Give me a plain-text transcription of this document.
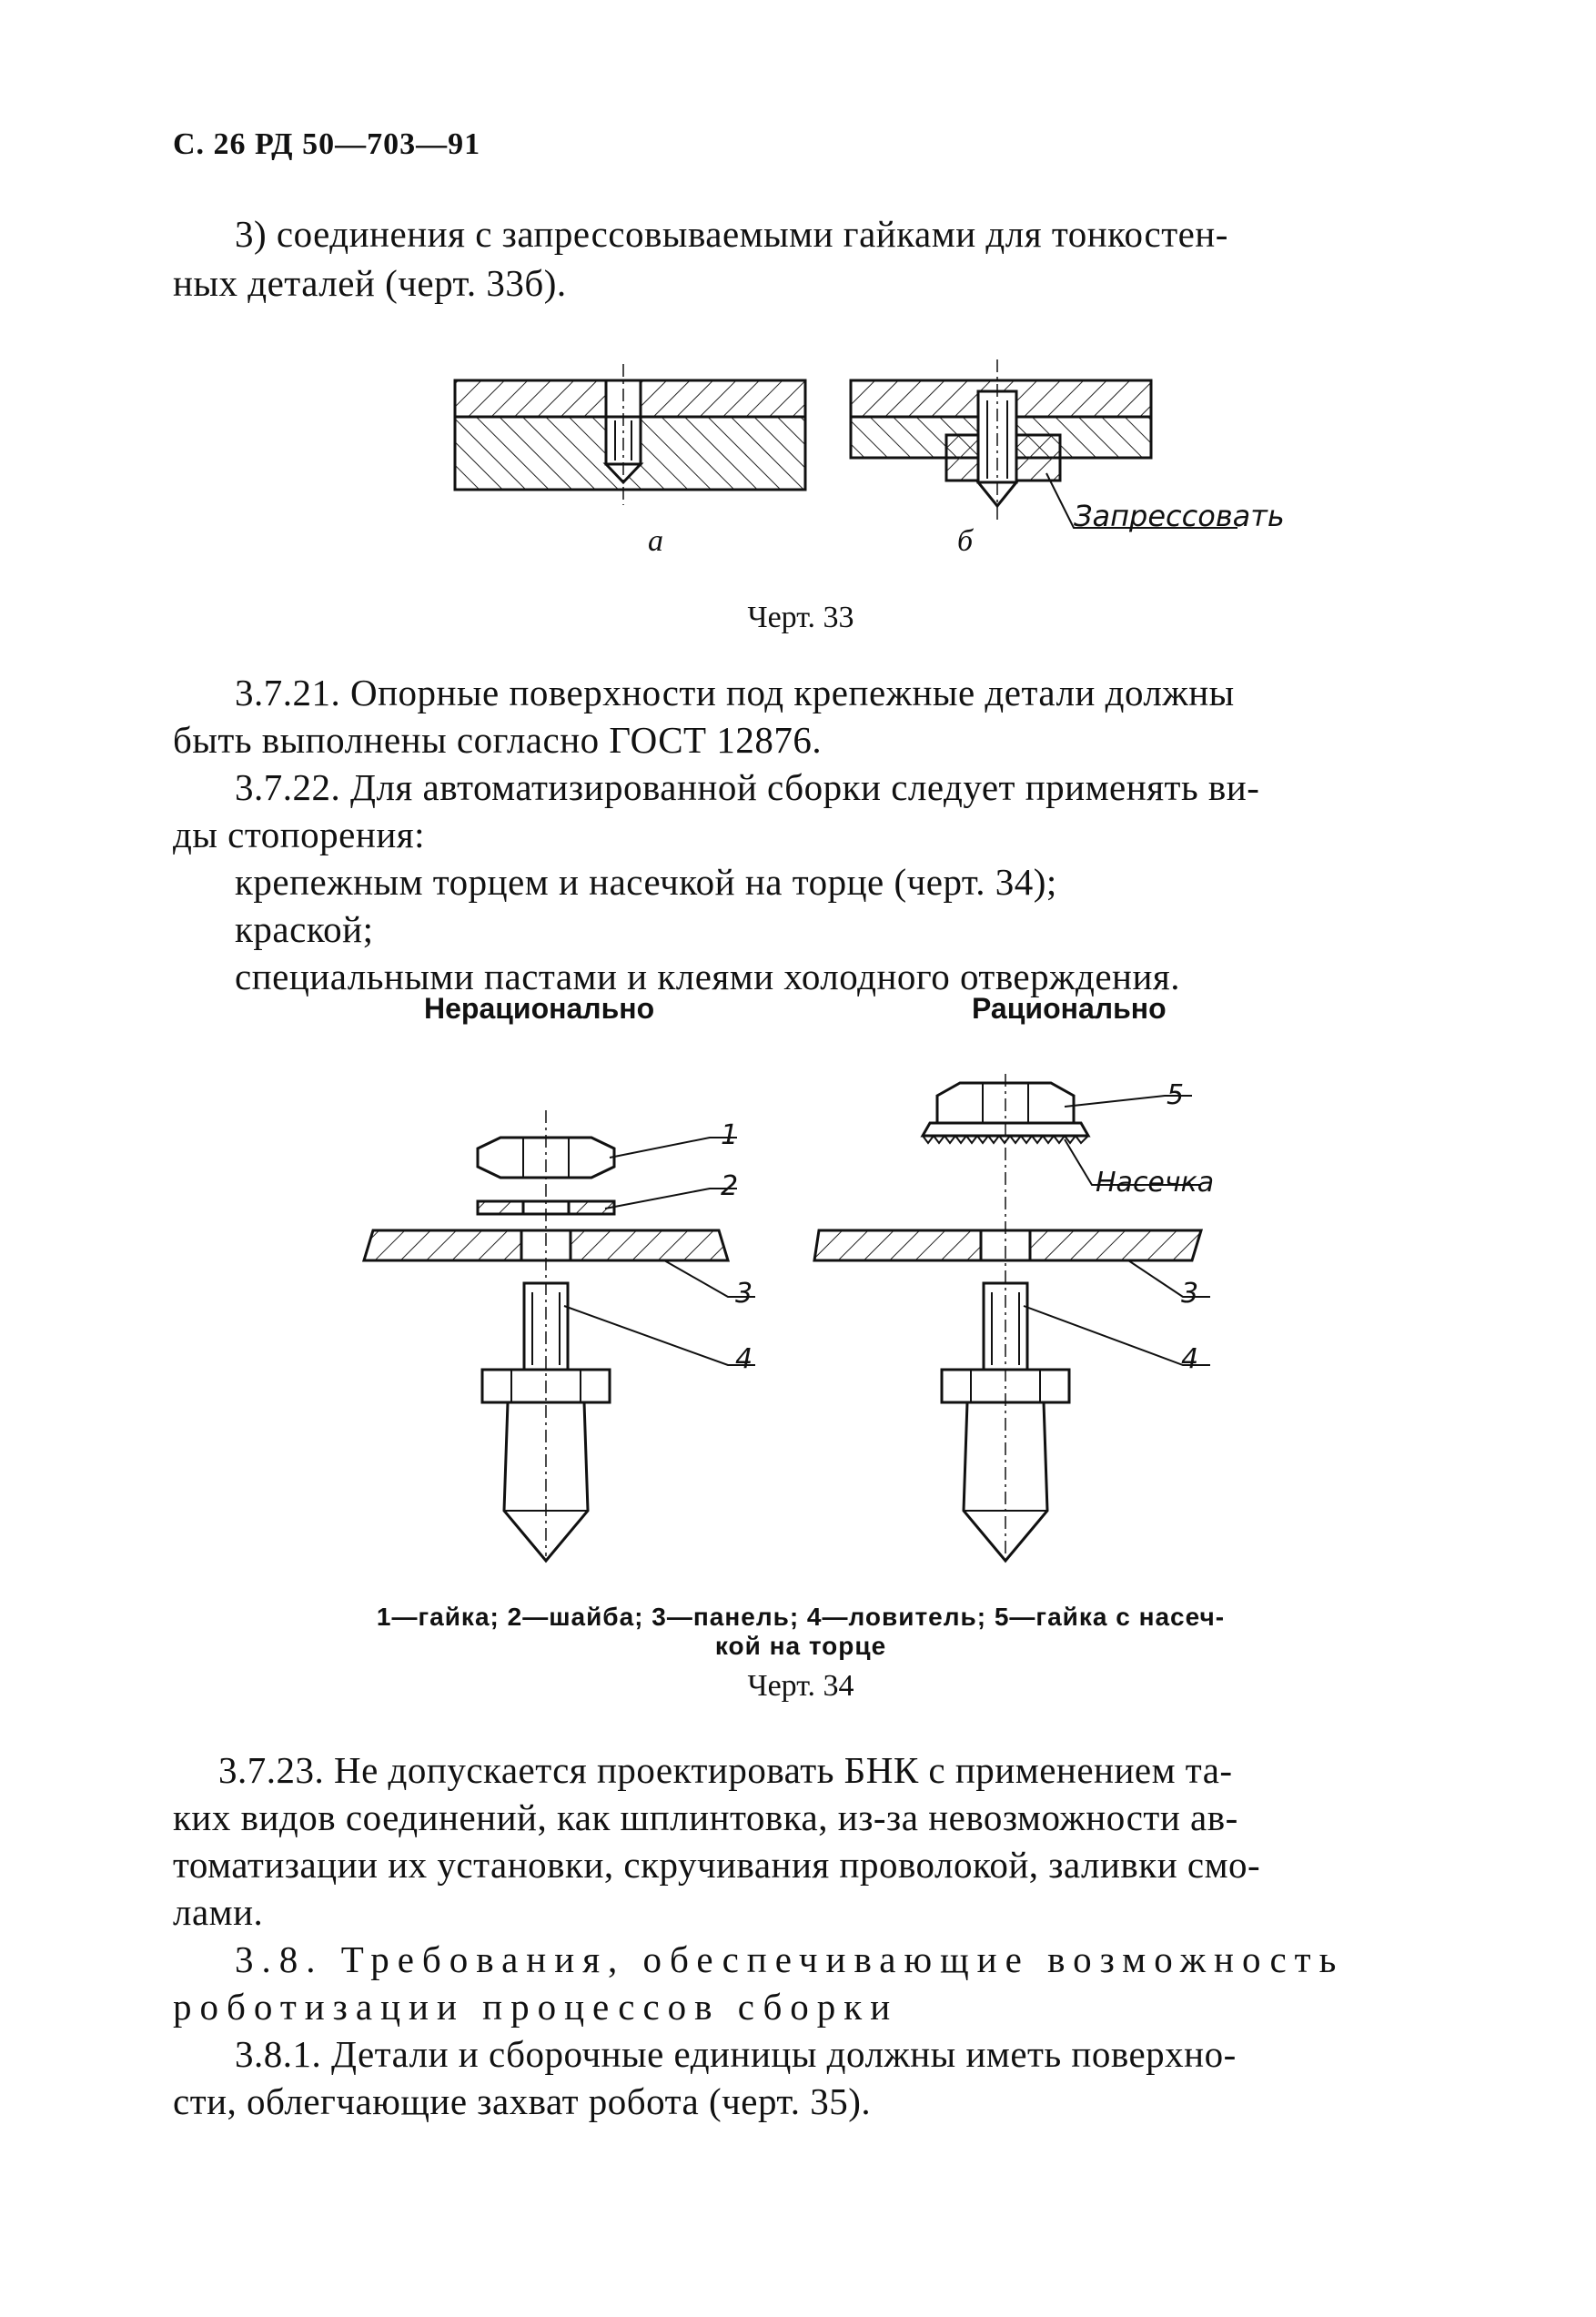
С. 26 РД 50—703—91
3) соединения с запрессовываемыми гайками для тонкостен-
ных деталей (черт. 33б).
Запрессовать
а	б
Черт. 33
3.7.21. Опорные поверхности под крепежные детали должны
быть выполнены согласно ГОСТ 12876.
3.7.22. Для автоматизированной сборки следует применять ви-
ды стопорения:
крепежным торцем и насечкой на торце (черт. 34);
краской;
специальными пастами и клеями холодного отверждения.
Нерационально	Рационально
1
2
3
4
5
Насечка
3
4
1—гайка; 2—шайба; 3—панель; 4—ловитель; 5—гайка с насеч-
кой на торце
Черт. 34
3.7.23. Не допускается проектировать БНК с применением та-
ких видов соединений, как шплинтовка, из-за невозможности ав-
томатизации их установки, скручивания проволокой, заливки смо-
лами.
3.8. Требования, обеспечивающие возможность
роботизации процессов сборки
3.8.1. Детали и сборочные единицы должны иметь поверхно-
сти, облегчающие захват робота (черт. 35).
